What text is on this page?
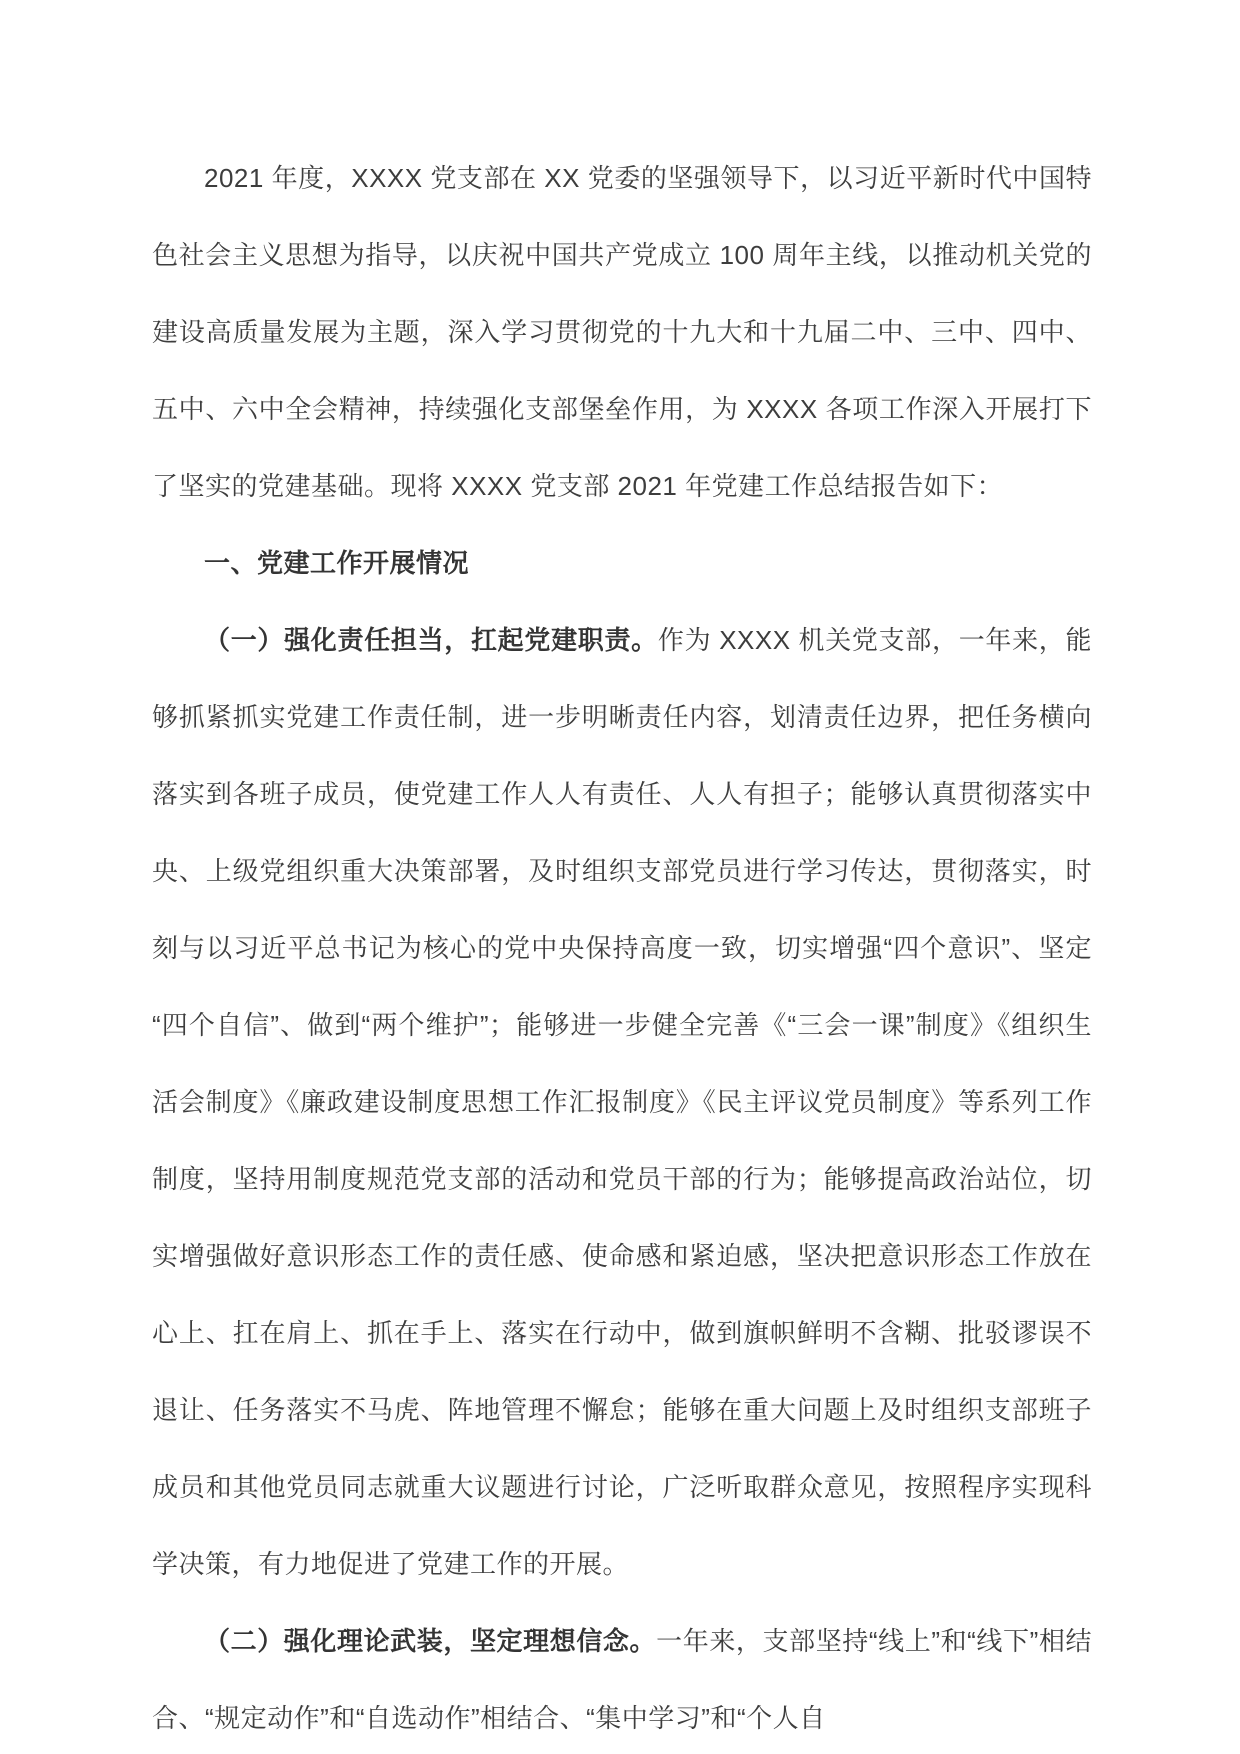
2021 年度，XXXX 党支部在 XX 党委的坚强领导下，以习近平新时代中国特色社会主义思想为指导，以庆祝中国共产党成立 100 周年主线，以推动机关党的建设高质量发展为主题，深入学习贯彻党的十九大和十九届二中、三中、四中、五中、六中全会精神，持续强化支部堡垒作用，为 XXXX 各项工作深入开展打下了坚实的党建基础。现将 XXXX 党支部 2021 年党建工作总结报告如下：

一、党建工作开展情况

（一）强化责任担当，扛起党建职责。作为 XXXX 机关党支部，一年来，能够抓紧抓实党建工作责任制，进一步明晰责任内容，划清责任边界，把任务横向落实到各班子成员，使党建工作人人有责任、人人有担子；能够认真贯彻落实中央、上级党组织重大决策部署，及时组织支部党员进行学习传达，贯彻落实，时刻与以习近平总书记为核心的党中央保持高度一致，切实增强“四个意识”、坚定“四个自信”、做到“两个维护”；能够进一步健全完善《“三会一课”制度》《组织生活会制度》《廉政建设制度思想工作汇报制度》《民主评议党员制度》等系列工作制度，坚持用制度规范党支部的活动和党员干部的行为；能够提高政治站位，切实增强做好意识形态工作的责任感、使命感和紧迫感，坚决把意识形态工作放在心上、扛在肩上、抓在手上、落实在行动中，做到旗帜鲜明不含糊、批驳谬误不退让、任务落实不马虎、阵地管理不懈怠；能够在重大问题上及时组织支部班子成员和其他党员同志就重大议题进行讨论，广泛听取群众意见，按照程序实现科学决策，有力地促进了党建工作的开展。

（二）强化理论武装，坚定理想信念。一年来，支部坚持“线上”和“线下”相结合、“规定动作”和“自选动作”相结合、“集中学习”和“个人自
